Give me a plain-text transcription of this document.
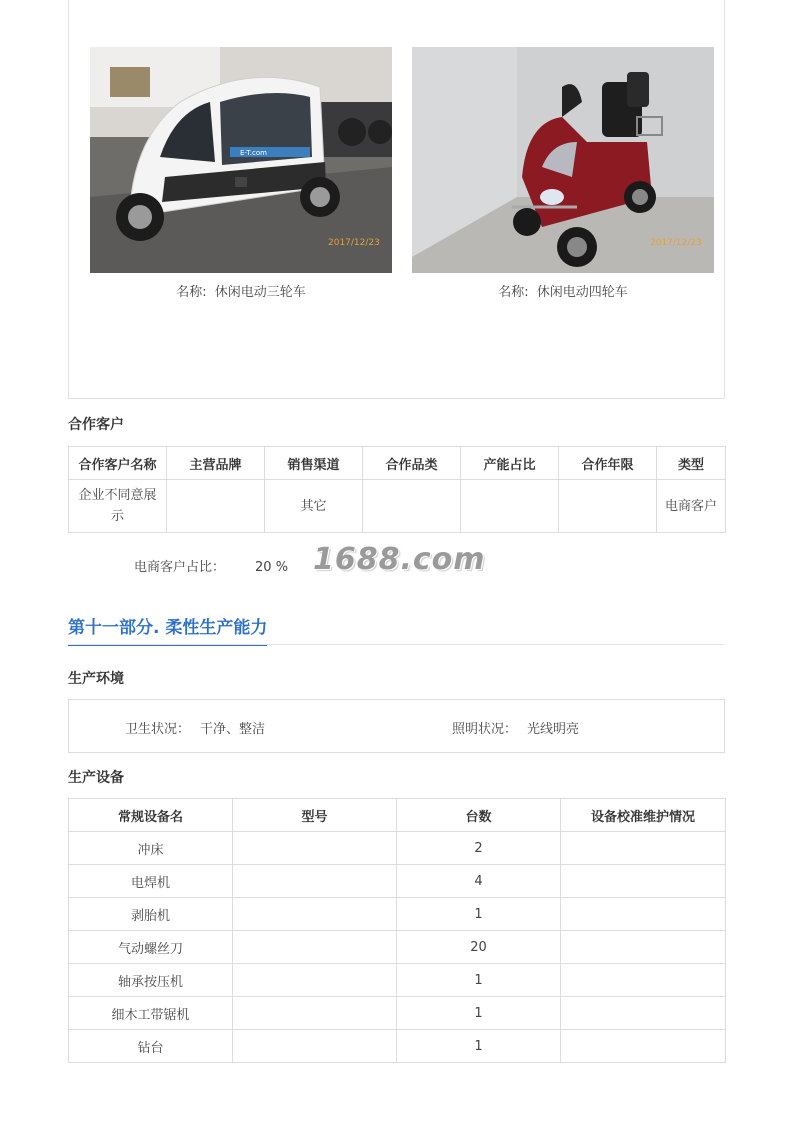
E-T.com
2017/12/23	2017/12/23
名称: 休闲电动三轮车	名称: 休闲电动四轮车
合作客户
合作客户名称	主营品牌	销售渠道	合作品类	产能占比	合作年限	类型
企业不同意展示		其它				电商客户
电商客户占比： 20 % 1688.com
第十一部分. 柔性生产能力
生产环境
卫生状况： 干净、整洁	照明状况： 光线明亮
生产设备
常规设备名	型号	台数	设备校准维护情况
冲床		2	
电焊机		4	
剥胎机		1	
气动螺丝刀		20	
轴承按压机		1	
细木工带锯机		1	
钻台		1	
